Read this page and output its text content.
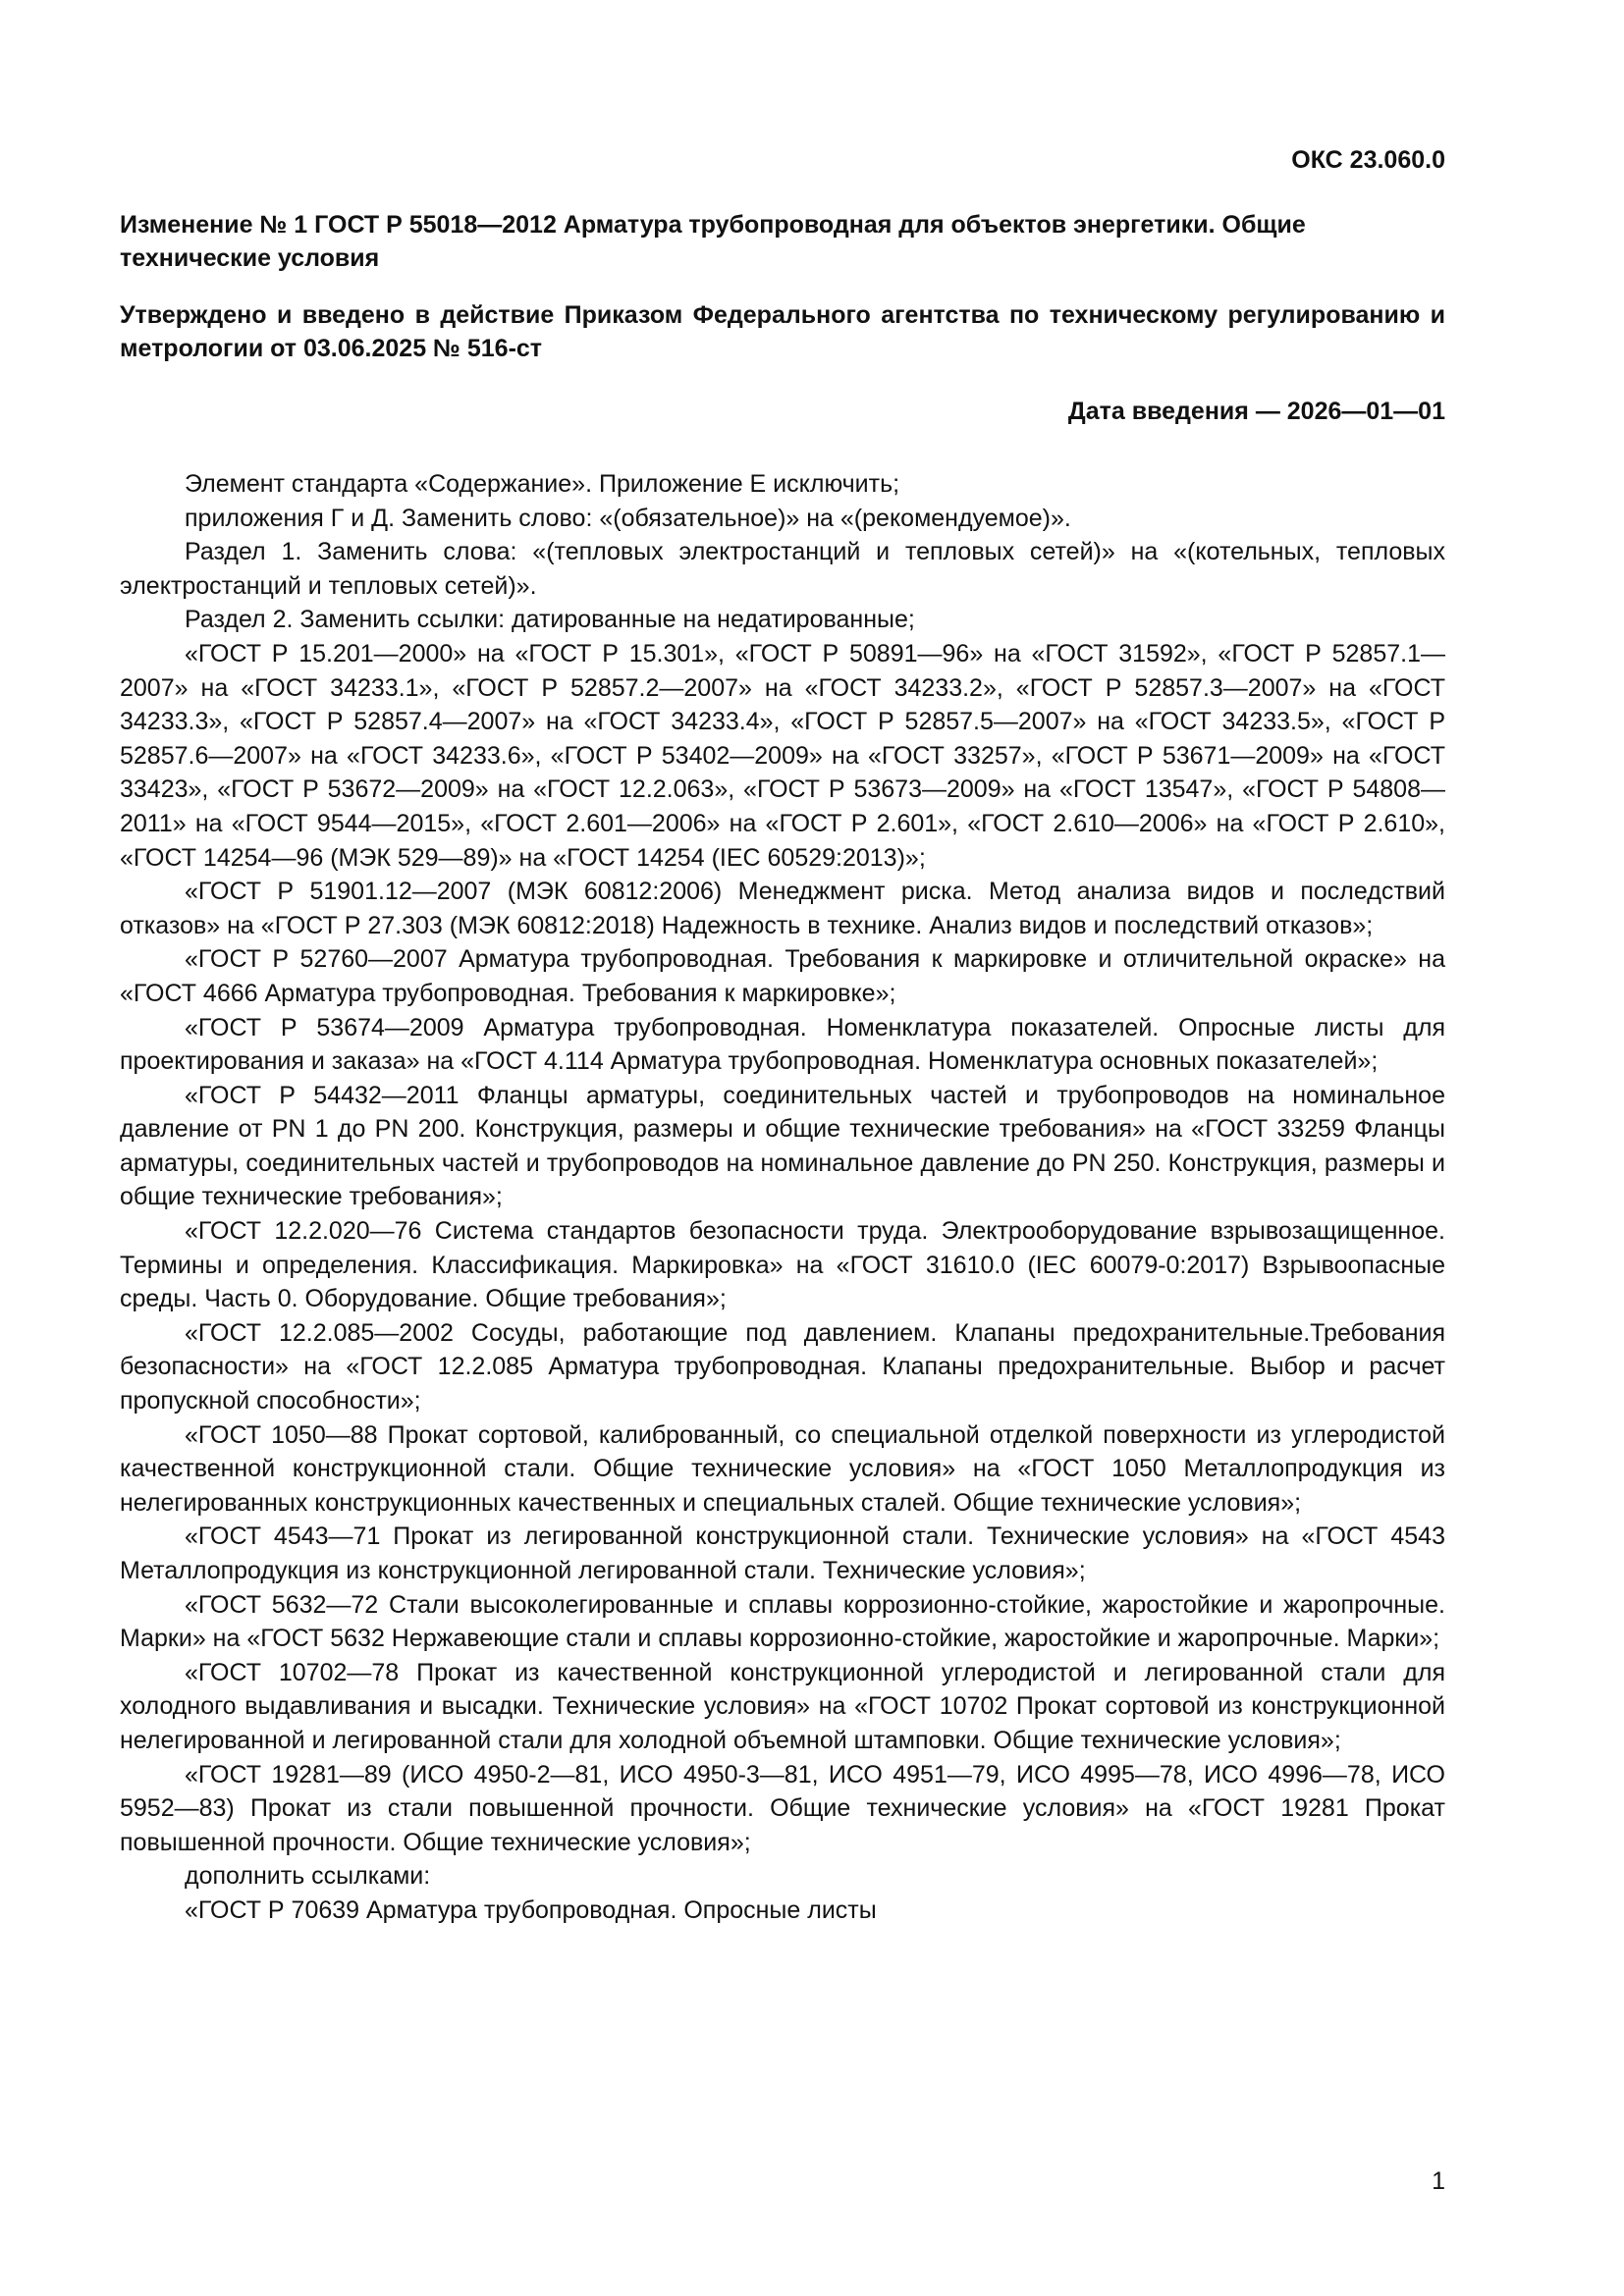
ОКС 23.060.0
Изменение № 1 ГОСТ Р 55018—2012 Арматура трубопроводная для объектов энергетики. Общие технические условия
Утверждено и введено в действие Приказом Федерального агентства по техническому регулированию и метрологии от 03.06.2025 № 516-ст
Дата введения — 2026—01—01

Элемент стандарта «Содержание». Приложение Е исключить;

приложения Г и Д. Заменить слово: «(обязательное)» на «(рекомендуемое)».

Раздел 1. Заменить слова: «(тепловых электростанций и тепловых сетей)» на «(котельных, тепловых электростанций и тепловых сетей)».

Раздел 2. Заменить ссылки: датированные на недатированные;

«ГОСТ Р 15.201—2000» на «ГОСТ Р 15.301», «ГОСТ Р 50891—96» на «ГОСТ 31592», «ГОСТ Р 52857.1—2007» на «ГОСТ 34233.1», «ГОСТ Р 52857.2—2007» на «ГОСТ 34233.2», «ГОСТ Р 52857.3—2007» на «ГОСТ 34233.3», «ГОСТ Р 52857.4—2007» на «ГОСТ 34233.4», «ГОСТ Р 52857.5—2007» на «ГОСТ 34233.5», «ГОСТ Р 52857.6—2007» на «ГОСТ 34233.6», «ГОСТ Р 53402—2009» на «ГОСТ 33257», «ГОСТ Р 53671—2009» на «ГОСТ 33423», «ГОСТ Р 53672—2009» на «ГОСТ 12.2.063», «ГОСТ Р 53673—2009» на «ГОСТ 13547», «ГОСТ Р 54808—2011» на «ГОСТ 9544—2015», «ГОСТ 2.601—2006» на «ГОСТ Р 2.601», «ГОСТ 2.610—2006» на «ГОСТ Р 2.610», «ГОСТ 14254—96 (МЭК 529—89)» на «ГОСТ 14254 (IEC 60529:2013)»;

«ГОСТ Р 51901.12—2007 (МЭК 60812:2006) Менеджмент риска. Метод анализа видов и последствий отказов» на «ГОСТ Р 27.303 (МЭК 60812:2018) Надежность в технике. Анализ видов и последствий отказов»;

«ГОСТ Р 52760—2007 Арматура трубопроводная. Требования к маркировке и отличительной окраске» на «ГОСТ 4666 Арматура трубопроводная. Требования к маркировке»;

«ГОСТ Р 53674—2009 Арматура трубопроводная. Номенклатура показателей. Опросные листы для проектирования и заказа» на «ГОСТ 4.114 Арматура трубопроводная. Номенклатура основных показателей»;

«ГОСТ Р 54432—2011 Фланцы арматуры, соединительных частей и трубопроводов на номинальное давление от PN 1 до PN 200. Конструкция, размеры и общие технические требования» на «ГОСТ 33259 Фланцы арматуры, соединительных частей и трубопроводов на номинальное давление до PN 250. Конструкция, размеры и общие технические требования»;

«ГОСТ 12.2.020—76 Система стандартов безопасности труда. Электрооборудование взрывозащищенное. Термины и определения. Классификация. Маркировка» на «ГОСТ 31610.0 (IEC 60079-0:2017) Взрывоопасные среды. Часть 0. Оборудование. Общие требования»;

«ГОСТ 12.2.085—2002 Сосуды, работающие под давлением. Клапаны предохранительные.Требования безопасности» на «ГОСТ 12.2.085 Арматура трубопроводная. Клапаны предохранительные. Выбор и расчет пропускной способности»;

«ГОСТ 1050—88 Прокат сортовой, калиброванный, со специальной отделкой поверхности из углеродистой качественной конструкционной стали. Общие технические условия» на «ГОСТ 1050 Металлопродукция из нелегированных конструкционных качественных и специальных сталей. Общие технические условия»;

«ГОСТ 4543—71 Прокат из легированной конструкционной стали. Технические условия» на «ГОСТ 4543 Металлопродукция из конструкционной легированной стали. Технические условия»;

«ГОСТ 5632—72 Стали высоколегированные и сплавы коррозионно-стойкие, жаростойкие и жаропрочные. Марки» на «ГОСТ 5632 Нержавеющие стали и сплавы коррозионно-стойкие, жаростойкие и жаропрочные. Марки»;

«ГОСТ 10702—78 Прокат из качественной конструкционной углеродистой и легированной стали для холодного выдавливания и высадки. Технические условия» на «ГОСТ 10702 Прокат сортовой из конструкционной нелегированной и легированной стали для холодной объемной штамповки. Общие технические условия»;

«ГОСТ 19281—89 (ИСО 4950-2—81, ИСО 4950-3—81, ИСО 4951—79, ИСО 4995—78, ИСО 4996—78, ИСО 5952—83) Прокат из стали повышенной прочности. Общие технические условия» на «ГОСТ 19281 Прокат повышенной прочности. Общие технические условия»;

дополнить ссылками:

«ГОСТ Р 70639 Арматура трубопроводная. Опросные листы

1
